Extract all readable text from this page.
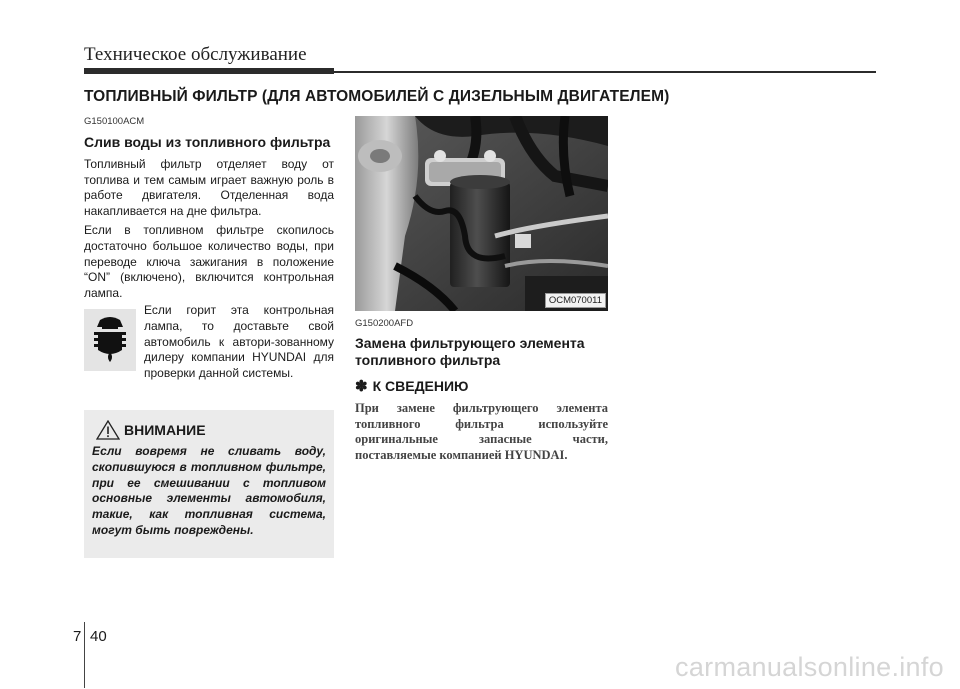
Техническое обслуживание
ТОПЛИВНЫЙ ФИЛЬТР (ДЛЯ АВТОМОБИЛЕЙ С ДИЗЕЛЬНЫМ ДВИГАТЕЛЕМ)
G150100ACM
Слив воды из топливного фильтра

Топливный фильтр отделяет воду от топлива и тем самым играет важную роль в работе двигателя. Отделенная вода накапливается на дне фильтра.

Если в топливном фильтре скопилось достаточно большое количество воды, при переводе ключа зажигания в положение “ON” (включено), включится контрольная лампа.

Если горит эта контрольная лампа, то доставьте свой автомобиль к автори-зованному дилеру компании HYUNDAI для проверки данной системы.

ВНИМАНИЕ

Если вовремя не сливать воду, скопившуюся в топливном фильтре, при ее смешивании с топливом основные элементы автомобиля, такие, как топливная система, могут быть повреждены.

OCM070011
G150200AFD
Замена фильтрующего элемента топливного фильтра
✽ К СВЕДЕНИЮ

При замене фильтрующего элемента топливного фильтра используйте оригинальные запасные части, поставляемые компанией HYUNDAI.

7 40
carmanualsonline.info
